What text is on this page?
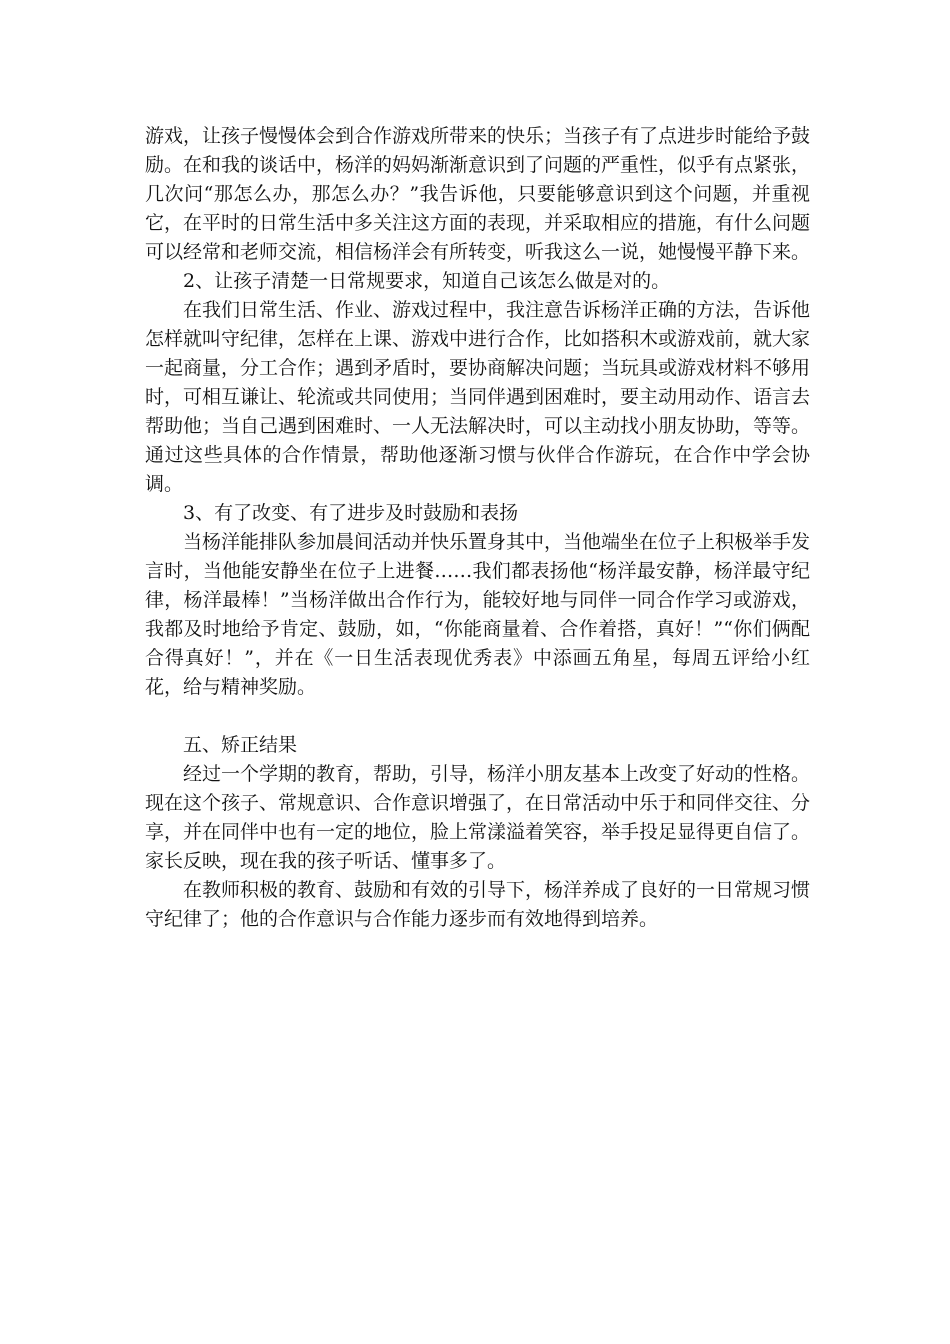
游戏，让孩子慢慢体会到合作游戏所带来的快乐；当孩子有了点进步时能给予鼓励。在和我的谈话中，杨洋的妈妈渐渐意识到了问题的严重性，似乎有点紧张，几次问“那怎么办，那怎么办？”我告诉他，只要能够意识到这个问题，并重视它，在平时的日常生活中多关注这方面的表现，并采取相应的措施，有什么问题可以经常和老师交流，相信杨洋会有所转变，听我这么一说，她慢慢平静下来。

2、让孩子清楚一日常规要求，知道自己该怎么做是对的。

在我们日常生活、作业、游戏过程中，我注意告诉杨洋正确的方法，告诉他怎样就叫守纪律，怎样在上课、游戏中进行合作，比如搭积木或游戏前，就大家一起商量，分工合作；遇到矛盾时，要协商解决问题；当玩具或游戏材料不够用时，可相互谦让、轮流或共同使用；当同伴遇到困难时，要主动用动作、语言去帮助他；当自己遇到困难时、一人无法解决时，可以主动找小朋友协助，等等。通过这些具体的合作情景，帮助他逐渐习惯与伙伴合作游玩，在合作中学会协调。

3、有了改变、有了进步及时鼓励和表扬

当杨洋能排队参加晨间活动并快乐置身其中，当他端坐在位子上积极举手发言时，当他能安静坐在位子上进餐……我们都表扬他“杨洋最安静，杨洋最守纪律，杨洋最棒！”当杨洋做出合作行为，能较好地与同伴一同合作学习或游戏，我都及时地给予肯定、鼓励，如，“你能商量着、合作着搭，真好！”“你们俩配合得真好！”，并在《一日生活表现优秀表》中添画五角星，每周五评给小红花，给与精神奖励。

五、矫正结果

经过一个学期的教育，帮助，引导，杨洋小朋友基本上改变了好动的性格。现在这个孩子、常规意识、合作意识增强了，在日常活动中乐于和同伴交往、分享，并在同伴中也有一定的地位，脸上常漾溢着笑容，举手投足显得更自信了。家长反映，现在我的孩子听话、懂事多了。

在教师积极的教育、鼓励和有效的引导下，杨洋养成了良好的一日常规习惯守纪律了；他的合作意识与合作能力逐步而有效地得到培养。
